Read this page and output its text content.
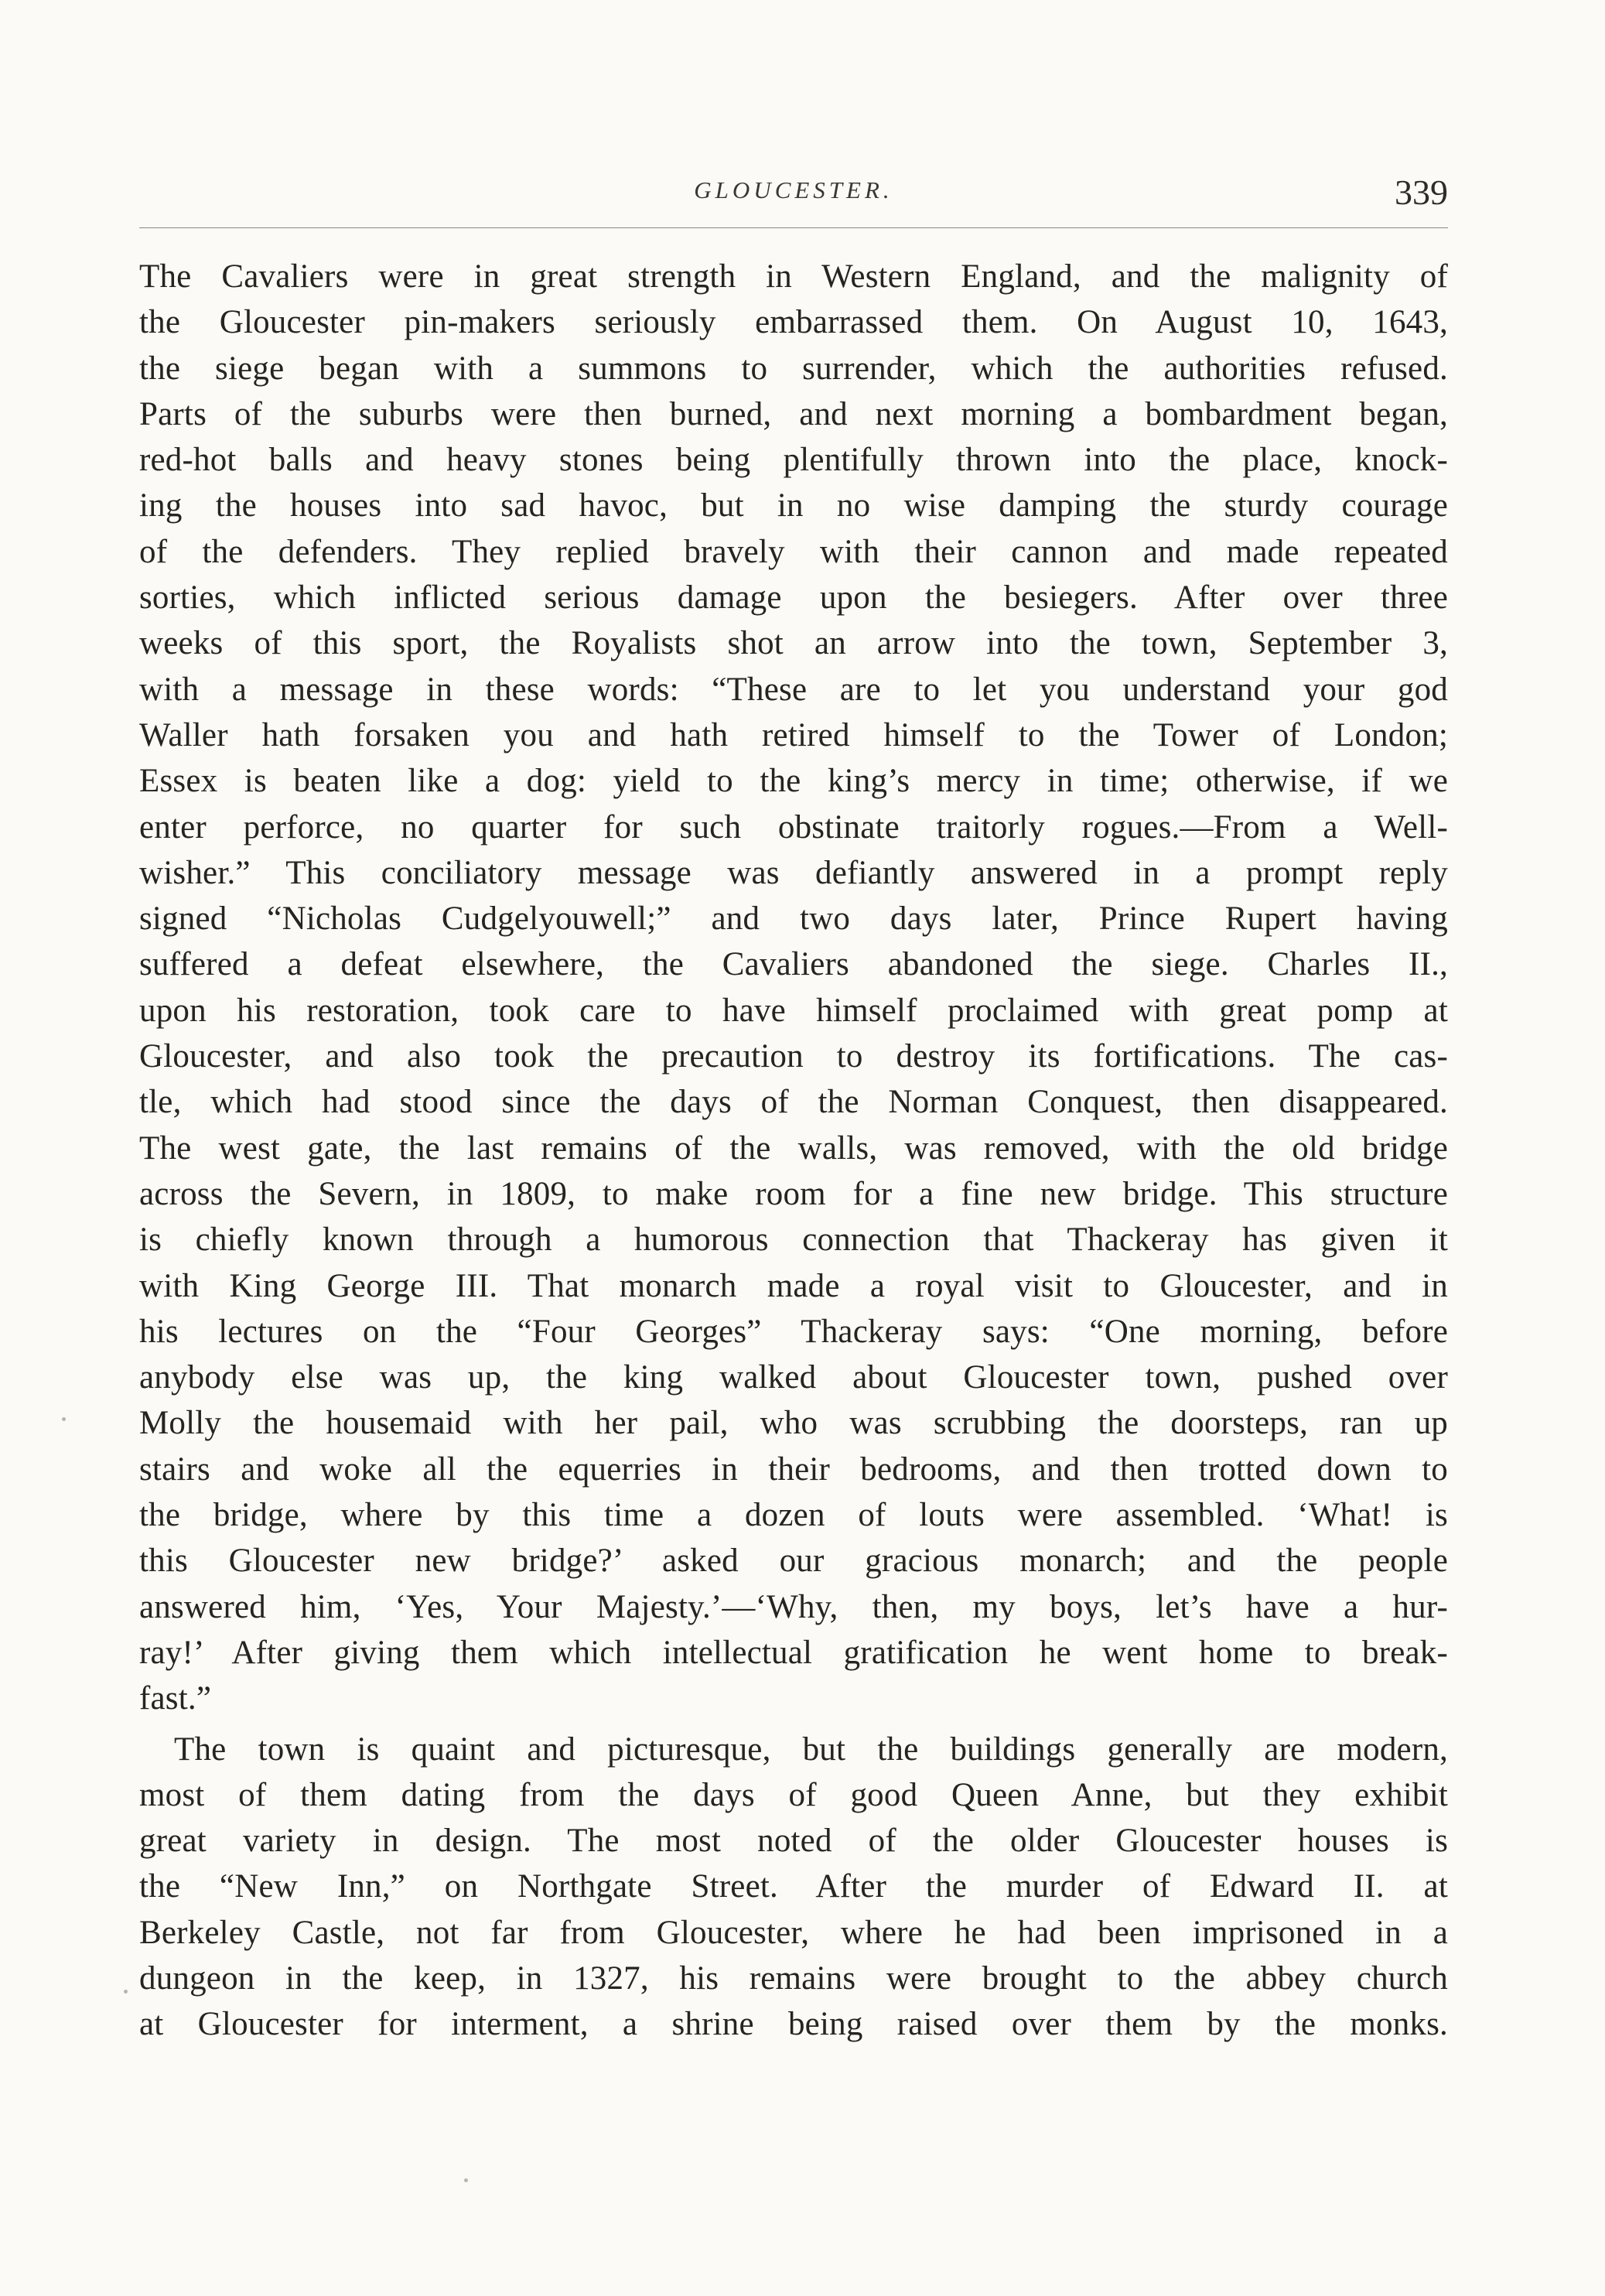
GLOUCESTER.	339
The Cavaliers were in great strength in Western England, and the malignity of
the Gloucester pin-makers seriously embarrassed them. On August 10, 1643,
the siege began with a summons to surrender, which the authorities refused.
Parts of the suburbs were then burned, and next morning a bombardment began,
red-hot balls and heavy stones being plentifully thrown into the place, knock-
ing the houses into sad havoc, but in no wise damping the sturdy courage
of the defenders. They replied bravely with their cannon and made repeated
sorties, which inflicted serious damage upon the besiegers. After over three
weeks of this sport, the Royalists shot an arrow into the town, September 3,
with a message in these words: “These are to let you understand your god
Waller hath forsaken you and hath retired himself to the Tower of London;
Essex is beaten like a dog: yield to the king’s mercy in time; otherwise, if we
enter perforce, no quarter for such obstinate traitorly rogues.—From a Well-
wisher.” This conciliatory message was defiantly answered in a prompt reply
signed “Nicholas Cudgelyouwell;” and two days later, Prince Rupert having
suffered a defeat elsewhere, the Cavaliers abandoned the siege. Charles II.,
upon his restoration, took care to have himself proclaimed with great pomp at
Gloucester, and also took the precaution to destroy its fortifications. The cas-
tle, which had stood since the days of the Norman Conquest, then disappeared.
The west gate, the last remains of the walls, was removed, with the old bridge
across the Severn, in 1809, to make room for a fine new bridge. This structure
is chiefly known through a humorous connection that Thackeray has given it
with King George III. That monarch made a royal visit to Gloucester, and in
his lectures on the “Four Georges” Thackeray says: “One morning, before
anybody else was up, the king walked about Gloucester town, pushed over
Molly the housemaid with her pail, who was scrubbing the doorsteps, ran up
stairs and woke all the equerries in their bedrooms, and then trotted down to
the bridge, where by this time a dozen of louts were assembled. ‘What! is
this Gloucester new bridge?’ asked our gracious monarch; and the people
answered him, ‘Yes, Your Majesty.’—‘Why, then, my boys, let’s have a hur-
ray!’ After giving them which intellectual gratification he went home to break-
fast.”
The town is quaint and picturesque, but the buildings generally are modern,
most of them dating from the days of good Queen Anne, but they exhibit
great variety in design. The most noted of the older Gloucester houses is
the “New Inn,” on Northgate Street. After the murder of Edward II. at
Berkeley Castle, not far from Gloucester, where he had been imprisoned in a
dungeon in the keep, in 1327, his remains were brought to the abbey church
at Gloucester for interment, a shrine being raised over them by the monks.
